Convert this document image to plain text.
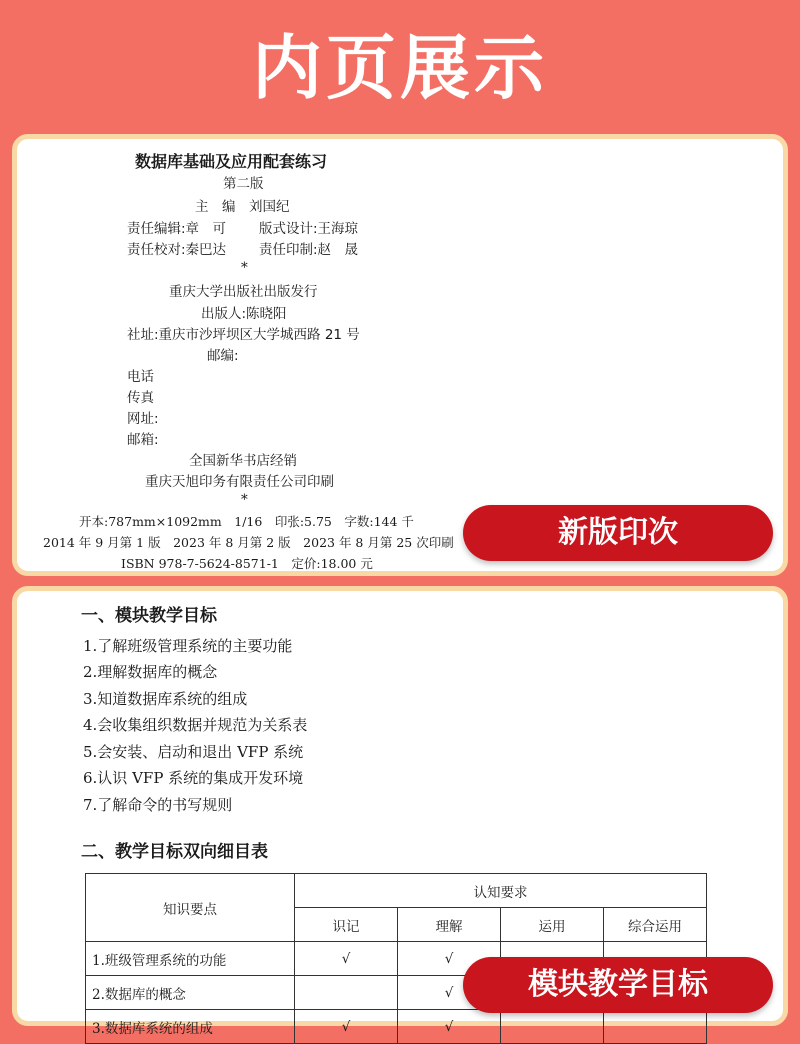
内页展示
数据库基础及应用配套练习
第二版
主　编　刘国纪
责任编辑:章　可 版式设计:王海琼
责任校对:秦巴达 责任印制:赵　晟
*
重庆大学出版社出版发行
出版人:陈晓阳
社址:重庆市沙坪坝区大学城西路 21 号
邮编:
电话
传真
网址:
邮箱:
全国新华书店经销
重庆天旭印务有限责任公司印刷
*
开本:787mm×1092mm　1/16　印张:5.75　字数:144 千
2014 年 9 月第 1 版　2023 年 8 月第 2 版　2023 年 8 月第 25 次印刷
ISBN 978-7-5624-8571-1　定价:18.00 元
新版印次
一、模块教学目标
1.了解班级管理系统的主要功能
2.理解数据库的概念
3.知道数据库系统的组成
4.会收集组织数据并规范为关系表
5.会安装、启动和退出 VFP 系统
6.认识 VFP 系统的集成开发环境
7.了解命令的书写规则
二、教学目标双向细目表
知识要点	认知要求			
	识记	理解	运用	综合运用
1.班级管理系统的功能	√	√		
2.数据库的概念		√		
3.数据库系统的组成	√	√		
模块教学目标
